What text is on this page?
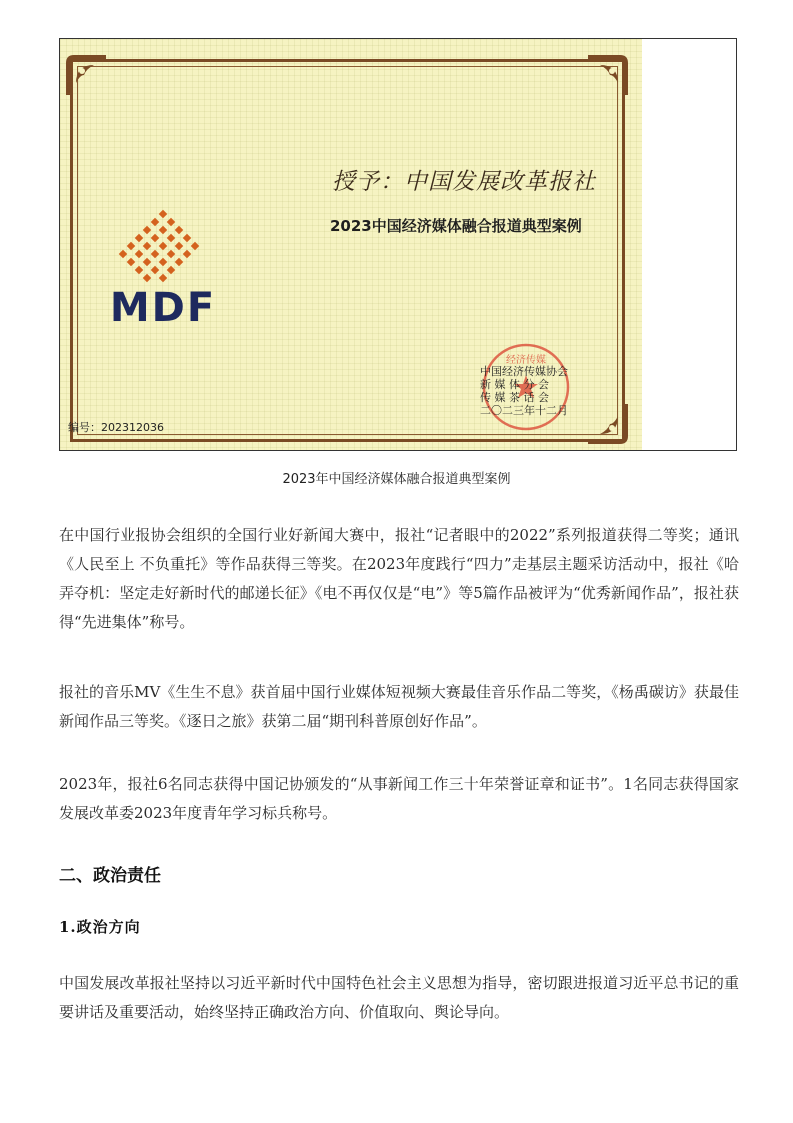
MDF
授予：中国发展改革报社
2023中国经济媒体融合报道典型案例
经济传媒
中国经济传媒协会
新 媒 体 分 会
传 媒 茶 话 会
二〇二三年十二月
编号：202312036
2023年中国经济媒体融合报道典型案例

在中国行业报协会组织的全国行业好新闻大赛中，报社“记者眼中的2022”系列报道获得二等奖；通讯《人民至上 不负重托》等作品获得三等奖。在2023年度践行“四力”走基层主题采访活动中，报社《哈弄夺机：坚定走好新时代的邮递长征》《电不再仅仅是“电”》等5篇作品被评为“优秀新闻作品”，报社获得“先进集体”称号。

报社的音乐MV《生生不息》获首届中国行业媒体短视频大赛最佳音乐作品二等奖，《杨禹碳访》获最佳新闻作品三等奖。《逐日之旅》获第二届“期刊科普原创好作品”。

2023年，报社6名同志获得中国记协颁发的“从事新闻工作三十年荣誉证章和证书”。1名同志获得国家发展改革委2023年度青年学习标兵称号。

二、政治责任
1.政治方向

中国发展改革报社坚持以习近平新时代中国特色社会主义思想为指导，密切跟进报道习近平总书记的重要讲话及重要活动，始终坚持正确政治方向、价值取向、舆论导向。
